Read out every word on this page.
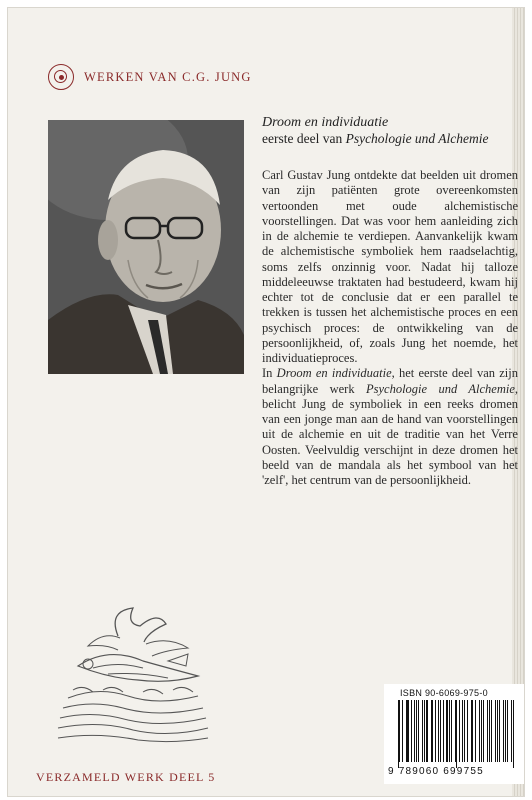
WERKEN VAN C.G. JUNG
Droom en individuatie
eerste deel van Psychologie und Alchemie

Carl Gustav Jung ontdekte dat beelden uit dromen van zijn patiënten grote overeenkomsten vertoonden met oude alchemistische voorstellingen. Dat was voor hem aanleiding zich in de alchemie te verdiepen. Aanvankelijk kwam de alchemistische symboliek hem raadselachtig, soms zelfs onzinnig voor. Nadat hij talloze middeleeuwse traktaten had bestudeerd, kwam hij echter tot de conclusie dat er een parallel te trekken is tussen het alchemistische proces en een psychisch proces: de ontwikkeling van de persoonlijkheid, of, zoals Jung het noemde, het individuatieproces.

In Droom en individuatie, het eerste deel van zijn belangrijke werk Psychologie und Alchemie, belicht Jung de symboliek in een reeks dromen van een jonge man aan de hand van voorstellingen uit de alchemie en uit de traditie van het Verre Oosten. Veelvuldig verschijnt in deze dromen het beeld van de mandala als het symbool van het 'zelf', het centrum van de persoonlijkheid.

ISBN 90-6069-975-0
9 789060 699755
VERZAMELD WERK DEEL 5
